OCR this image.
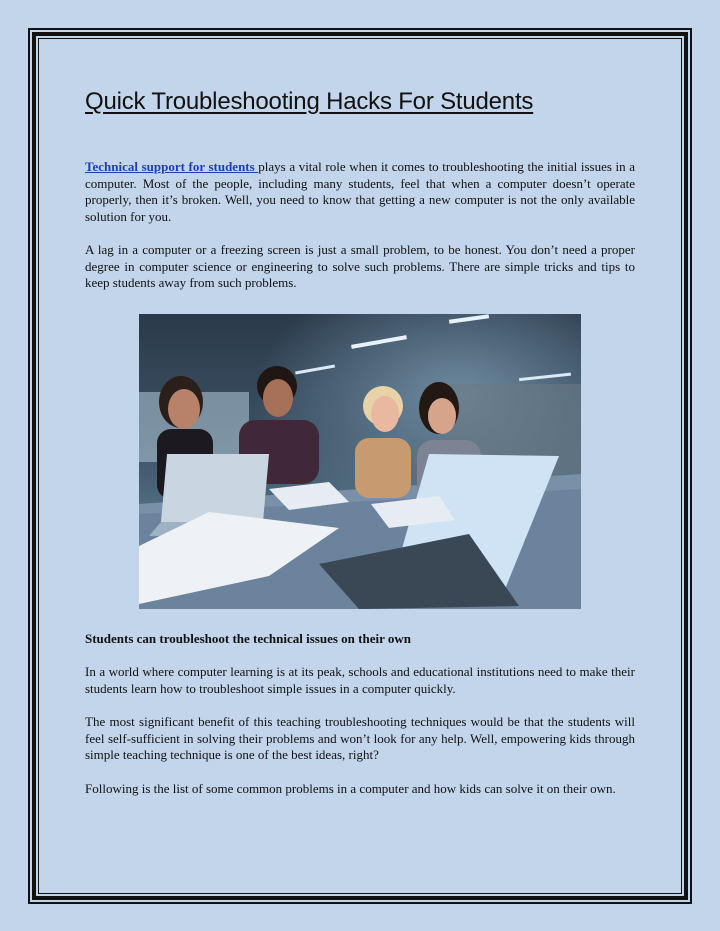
Quick Troubleshooting Hacks For Students

Technical support for students plays a vital role when it comes to troubleshooting the initial issues in a computer. Most of the people, including many students, feel that when a computer doesn’t operate properly, then it’s broken. Well, you need to know that getting a new computer is not the only available solution for you.

A lag in a computer or a freezing screen is just a small problem, to be honest. You don’t need a proper degree in computer science or engineering to solve such problems. There are simple tricks and tips to keep students away from such problems.

Students can troubleshoot the technical issues on their own

In a world where computer learning is at its peak, schools and educational institutions need to make their students learn how to troubleshoot simple issues in a computer quickly.

The most significant benefit of this teaching troubleshooting techniques would be that the students will feel self-sufficient in solving their problems and won’t look for any help. Well, empowering kids through simple teaching technique is one of the best ideas, right?

Following is the list of some common problems in a computer and how kids can solve it on their own.
